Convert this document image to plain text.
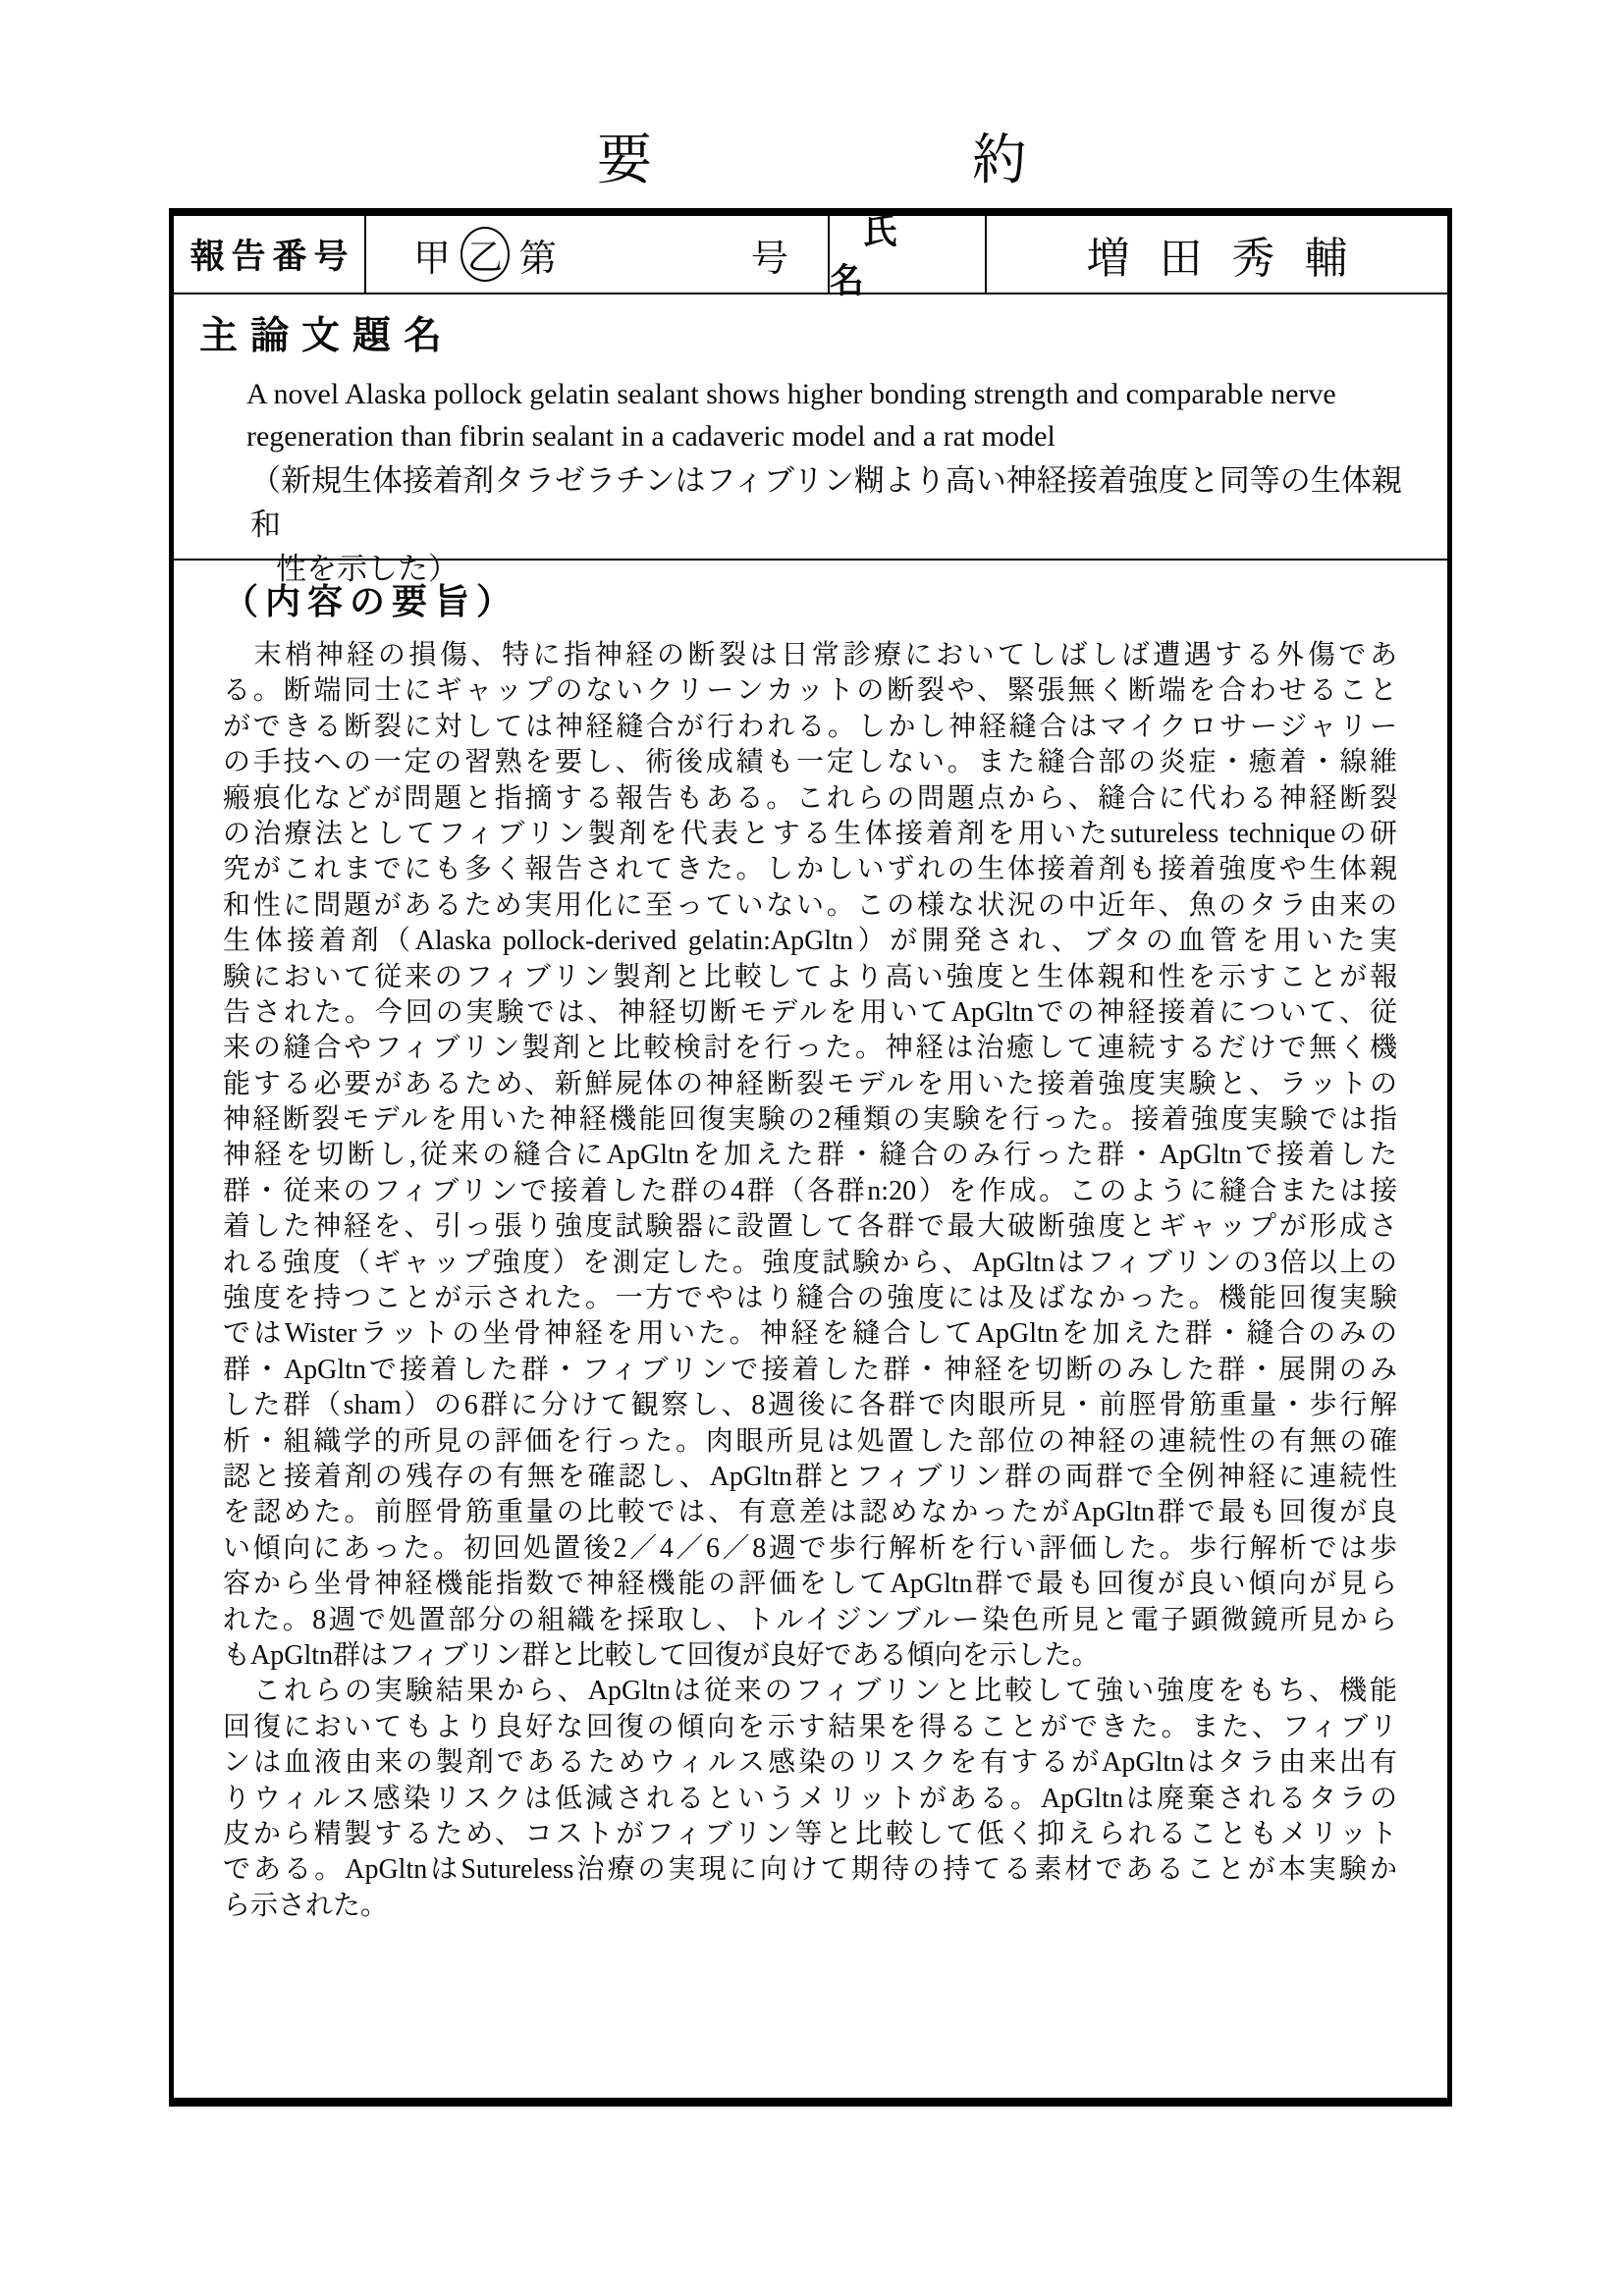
要	約
報告番号	甲 乙 第	号
氏名	増田秀輔
主論文題名
A novel Alaska pollock gelatin sealant shows higher bonding strength and comparable nerve
regeneration than fibrin sealant in a cadaveric model and a rat model
（新規生体接着剤タラゼラチンはフィブリン糊より高い神経接着強度と同等の生体親和
性を示した）
（内容の要旨）
　末梢神経の損傷、特に指神経の断裂は日常診療においてしばしば遭遇する外傷であ
る。断端同士にギャップのないクリーンカットの断裂や、緊張無く断端を合わせること
ができる断裂に対しては神経縫合が行われる。しかし神経縫合はマイクロサージャリー
の手技への一定の習熟を要し、術後成績も一定しない。また縫合部の炎症・癒着・線維
瘢痕化などが問題と指摘する報告もある。これらの問題点から、縫合に代わる神経断裂
の治療法としてフィブリン製剤を代表とする生体接着剤を用いたsutureless techniqueの研
究がこれまでにも多く報告されてきた。しかしいずれの生体接着剤も接着強度や生体親
和性に問題があるため実用化に至っていない。この様な状況の中近年、魚のタラ由来の
生体接着剤（Alaska pollock-derived gelatin:ApGltn）が開発され、ブタの血管を用いた実
験において従来のフィブリン製剤と比較してより高い強度と生体親和性を示すことが報
告された。今回の実験では、神経切断モデルを用いてApGltnでの神経接着について、従
来の縫合やフィブリン製剤と比較検討を行った。神経は治癒して連続するだけで無く機
能する必要があるため、新鮮屍体の神経断裂モデルを用いた接着強度実験と、ラットの
神経断裂モデルを用いた神経機能回復実験の2種類の実験を行った。接着強度実験では指
神経を切断し,従来の縫合にApGltnを加えた群・縫合のみ行った群・ApGltnで接着した
群・従来のフィブリンで接着した群の4群（各群n:20）を作成。このように縫合または接
着した神経を、引っ張り強度試験器に設置して各群で最大破断強度とギャップが形成さ
れる強度（ギャップ強度）を測定した。強度試験から、ApGltnはフィブリンの3倍以上の
強度を持つことが示された。一方でやはり縫合の強度には及ばなかった。機能回復実験
ではWisterラットの坐骨神経を用いた。神経を縫合してApGltnを加えた群・縫合のみの
群・ApGltnで接着した群・フィブリンで接着した群・神経を切断のみした群・展開のみ
した群（sham）の6群に分けて観察し、8週後に各群で肉眼所見・前脛骨筋重量・歩行解
析・組織学的所見の評価を行った。肉眼所見は処置した部位の神経の連続性の有無の確
認と接着剤の残存の有無を確認し、ApGltn群とフィブリン群の両群で全例神経に連続性
を認めた。前脛骨筋重量の比較では、有意差は認めなかったがApGltn群で最も回復が良
い傾向にあった。初回処置後2／4／6／8週で歩行解析を行い評価した。歩行解析では歩
容から坐骨神経機能指数で神経機能の評価をしてApGltn群で最も回復が良い傾向が見ら
れた。8週で処置部分の組織を採取し、トルイジンブルー染色所見と電子顕微鏡所見から
もApGltn群はフィブリン群と比較して回復が良好である傾向を示した。
　これらの実験結果から、ApGltnは従来のフィブリンと比較して強い強度をもち、機能
回復においてもより良好な回復の傾向を示す結果を得ることができた。また、フィブリ
ンは血液由来の製剤であるためウィルス感染のリスクを有するがApGltnはタラ由来出有
りウィルス感染リスクは低減されるというメリットがある。ApGltnは廃棄されるタラの
皮から精製するため、コストがフィブリン等と比較して低く抑えられることもメリット
である。ApGltnはSutureless治療の実現に向けて期待の持てる素材であることが本実験か
ら示された。
